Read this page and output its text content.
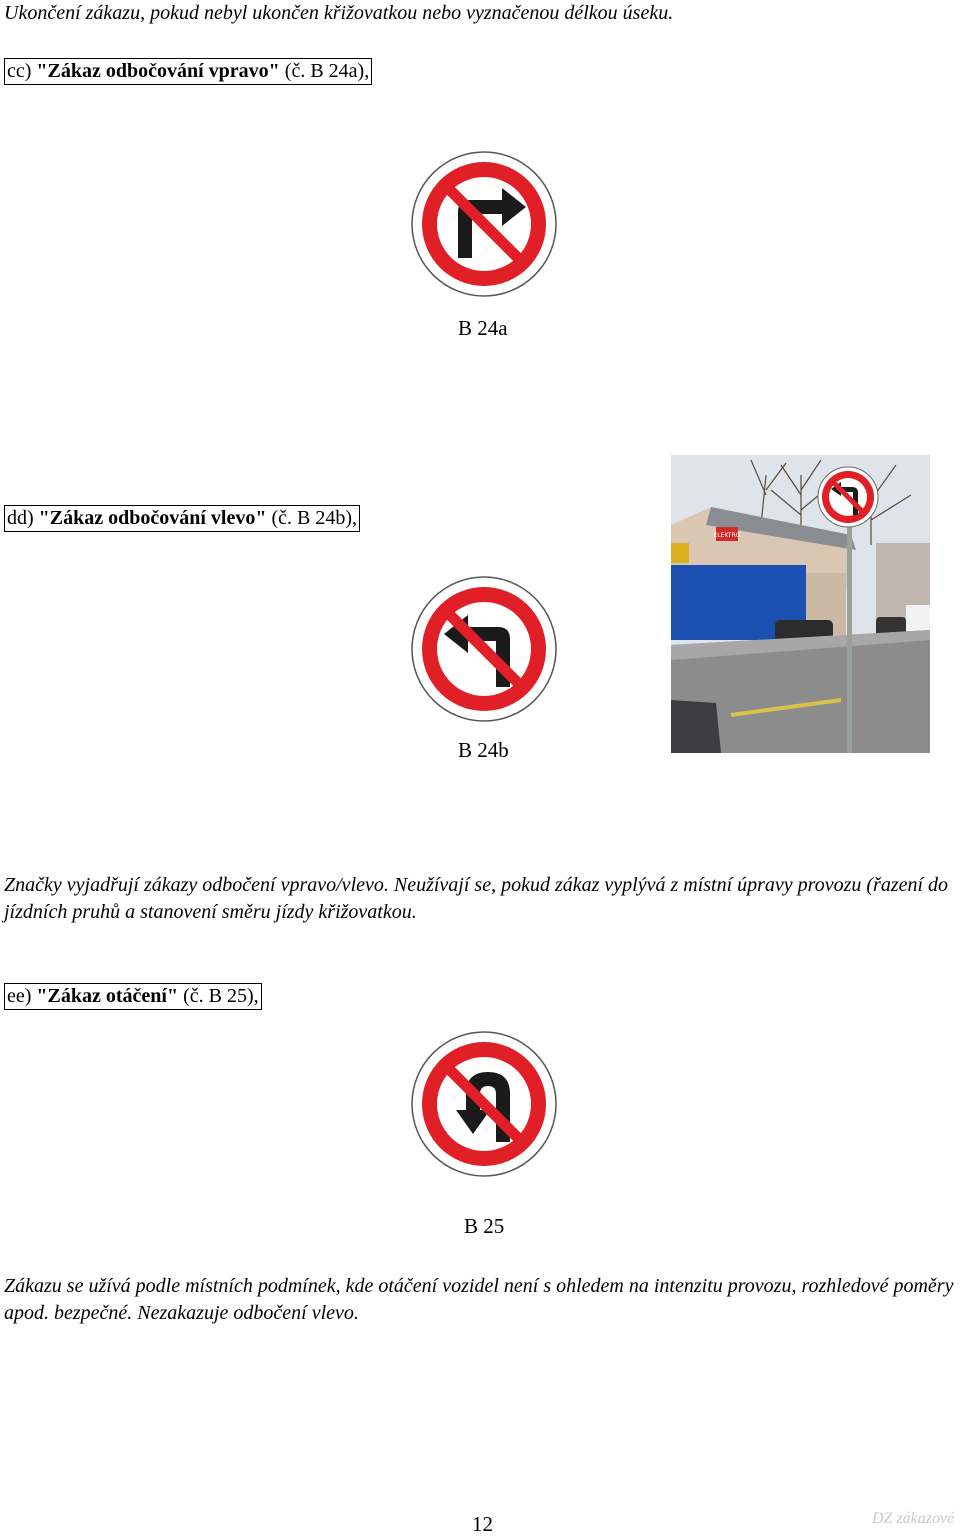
Ukončení zákazu, pokud nebyl ukončen křižovatkou nebo vyznačenou délkou úseku.
cc) "Zákaz odbočování vpravo" (č. B 24a),
B 24a
dd) "Zákaz odbočování vlevo" (č. B 24b),
B 24b
ELEKTRO
Značky vyjadřují zákazy odbočení vpravo/vlevo. Neužívají se, pokud zákaz vyplývá z místní úpravy provozu (řazení do jízdních pruhů a stanovení směru jízdy křižovatkou.
ee) "Zákaz otáčení" (č. B 25),
B 25
Zákazu se užívá podle místních podmínek, kde otáčení vozidel není s ohledem na intenzitu provozu, rozhledové poměry apod. bezpečné. Nezakazuje odbočení vlevo.
12	DZ zákazové
